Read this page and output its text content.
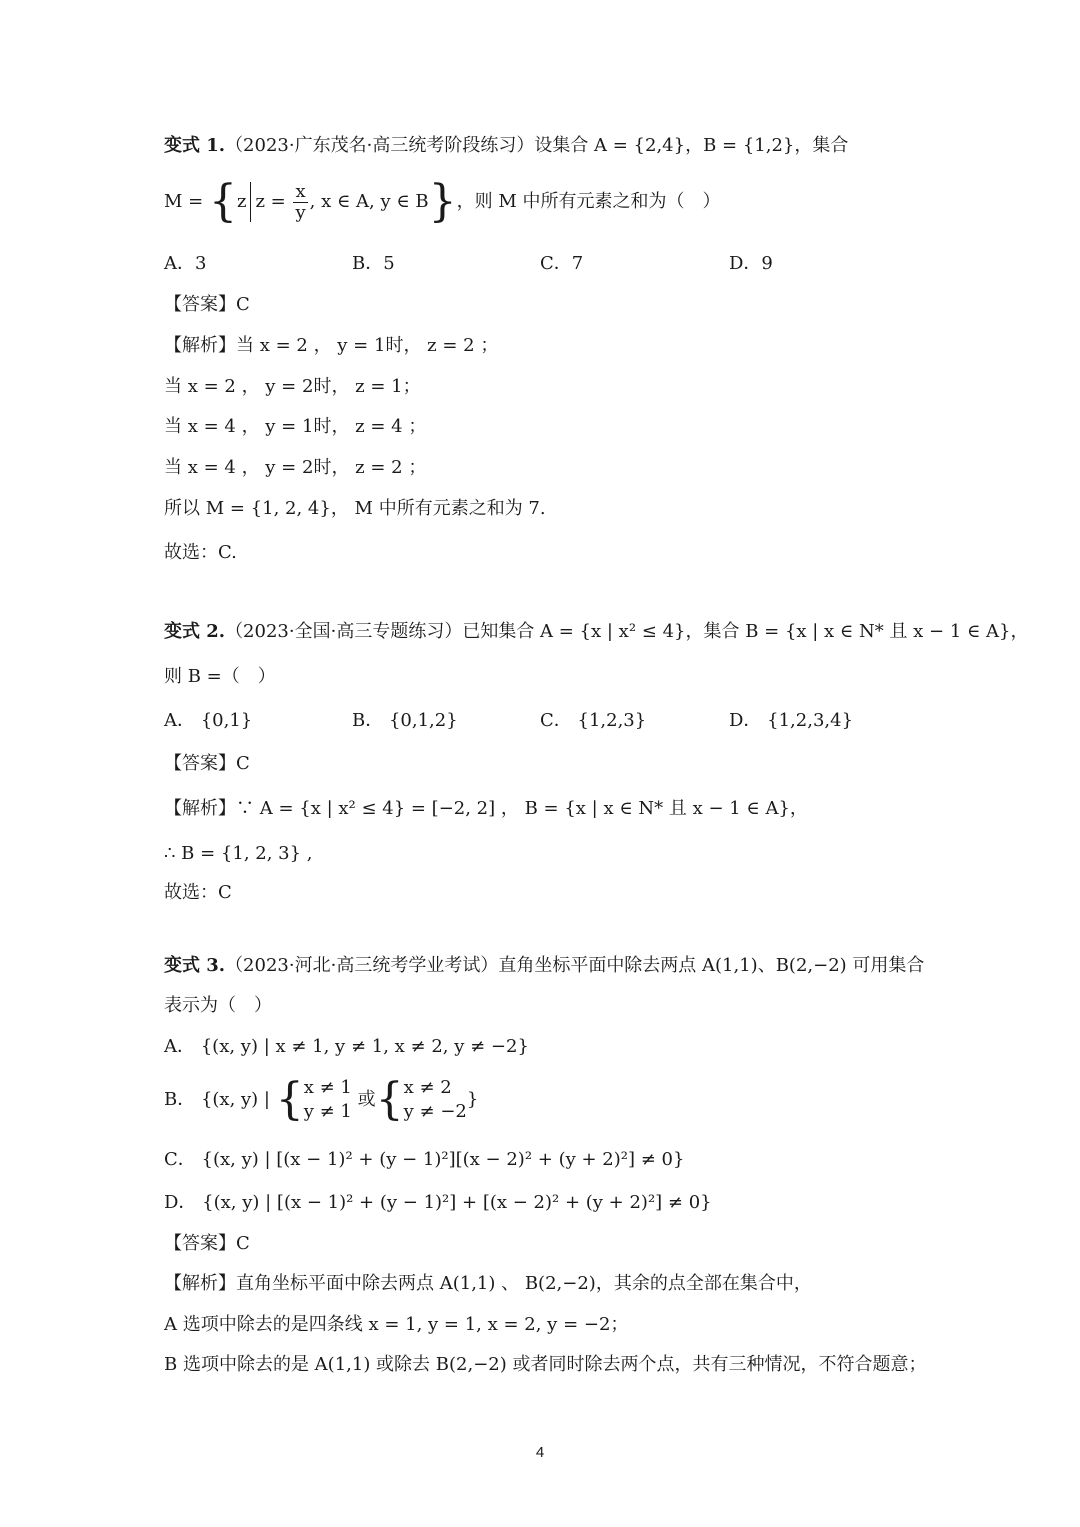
变式 1.（2023·广东茂名·高三统考阶段练习）设集合 A = {2,4}，B = {1,2}，集合
M = {z $z = \frac{x}{y}$ , x ∈ A, y ∈ B}，则 M 中所有元素之和为（　）
A．3	B．5	C．7	D．9
【答案】C
【解析】当 x = 2 ， y = 1时， z = 2 ；
当 x = 2 ， y = 2时， z = 1；
当 x = 4 ， y = 1时， z = 4 ；
当 x = 4 ， y = 2时， z = 2 ；
所以 M = {1, 2, 4}， M 中所有元素之和为 7.
故选：C.
变式 2.（2023·全国·高三专题练习）已知集合 A = {x | x² ≤ 4}，集合 B = {x | x ∈ N* 且 x − 1 ∈ A}，
则 B =（　）
A． {0,1}	B． {0,1,2}	C． {1,2,3}	D． {1,2,3,4}
【答案】C
【解析】∵ A = {x | x² ≤ 4} = [−2, 2] ， B = {x | x ∈ N* 且 x − 1 ∈ A}，
∴ B = {1, 2, 3} ,
故选：C
变式 3.（2023·河北·高三统考学业考试）直角坐标平面中除去两点 A(1,1)、B(2,−2) 可用集合
表示为（　）
A． {(x, y) | x ≠ 1, y ≠ 1, x ≠ 2, y ≠ −2}
B． {(x, y) | { x ≠ 1
y ≠ 1
或{ x ≠ 2
y ≠ −2
}
C． {(x, y) | [(x − 1)² + (y − 1)²][(x − 2)² + (y + 2)²] ≠ 0}
D． {(x, y) | [(x − 1)² + (y − 1)²] + [(x − 2)² + (y + 2)²] ≠ 0}
【答案】C
【解析】直角坐标平面中除去两点 A(1,1) 、 B(2,−2)，其余的点全部在集合中，
A 选项中除去的是四条线 x = 1, y = 1, x = 2, y = −2；
B 选项中除去的是 A(1,1) 或除去 B(2,−2) 或者同时除去两个点，共有三种情况，不符合题意；
4
